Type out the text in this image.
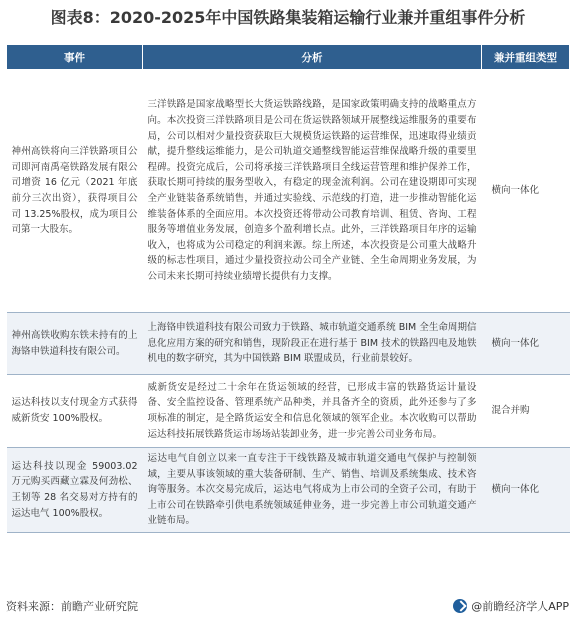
图表8：2020-2025年中国铁路集装箱运输行业兼并重组事件分析
事件	分析	兼并重组类型
神州高铁将向三洋铁路项目公司即河南禹亳铁路发展有限公司增资 16 亿元（2021 年底前分三次出资），获得项目公司 13.25%股权，成为项目公司第一大股东。	三洋铁路是国家战略型长大货运铁路线路，是国家政策明确支持的战略重点方向。本次投资三洋铁路项目是公司在货运铁路领域开展整线运维服务的重要布局，公司以相对少量投资获取巨大规模货运铁路的运营维保，迅速取得业绩贡献，提升整线运维能力，是公司轨道交通整线智能运营维保战略升级的重要里程碑。投资完成后，公司将承接三洋铁路项目全线运营管理和维护保养工作，获取长期可持续的服务型收入，有稳定的现金流利润。公司在建设期即可实现全产业链装备系统销售，并通过实验线、示范线的打造，进一步推动智能化运维装备体系的全面应用。本次投资还将带动公司教育培训、租赁、咨询、工程服务等增值业务发展，创造多个盈利增长点。此外，三洋铁路项目年序的运输收入，也将成为公司稳定的利润来源。综上所述，本次投资是公司重大战略升级的标志性项目，通过少量投资拉动公司全产业链、全生命周期业务发展，为公司未来长期可持续业绩增长提供有力支撑。	横向一体化
神州高铁收购东铁未持有的上海铬申铁道科技有限公司。	上海铬申铁道科技有限公司致力于铁路、城市轨道交通系统 BIM 全生命周期信息化应用方案的研究和销售，现阶段正在进行基于 BIM 技术的铁路四电及地铁机电的数字研究，其为中国铁路 BIM 联盟成员，行业前景较好。	横向一体化
运达科技以支付现金方式获得威新货安 100%股权。	威新货安是经过二十余年在货运领域的经营，已形成丰富的铁路货运计量设备、安全监控设备、管理系统产品种类，并具备齐全的资质，此外还参与了多项标准的制定，是全路货运安全和信息化领域的领军企业。本次收购可以帮助运达科技拓展铁路货运市场场站装卸业务，进一步完善公司业务布局。	混合并购
运达科技以现金 59003.02 万元购买西藏立霖及何劲松、王韧等 28 名交易对方持有的运达电气 100%股权。	运达电气自创立以来一直专注于干线铁路及城市轨道交通电气保护与控制领域，主要从事该领域的重大装备研制、生产、销售、培训及系统集成、技术咨询等服务。本次交易完成后，运达电气将成为上市公司的全资子公司，有助于上市公司在铁路牵引供电系统领域延伸业务，进一步完善上市公司轨道交通产业链布局。	横向一体化
资料来源：前瞻产业研究院	@前瞻经济学人APP
